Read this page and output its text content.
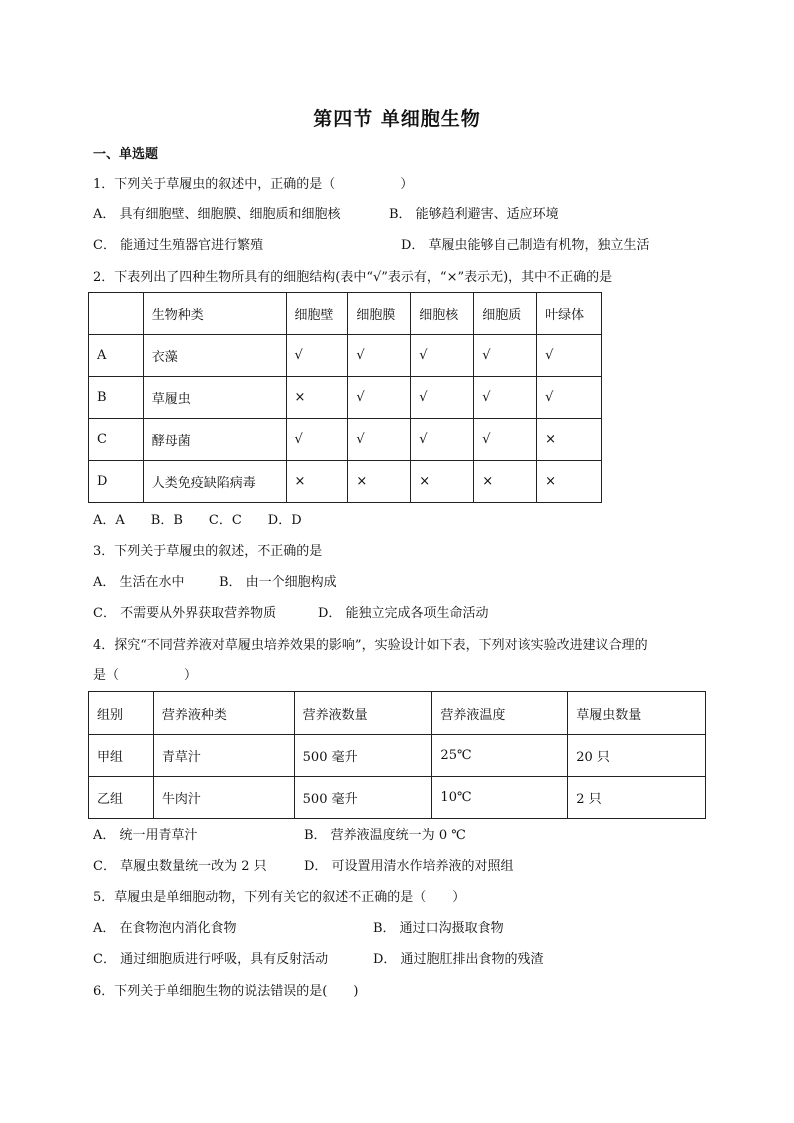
第四节 单细胞生物
一、单选题
1．下列关于草履虫的叙述中，正确的是（　　　　　）
A． 具有细胞壁、细胞膜、细胞质和细胞核	B． 能够趋利避害、适应环境
C． 能通过生殖器官进行繁殖	D． 草履虫能够自己制造有机物，独立生活
2．下表列出了四种生物所具有的细胞结构(表中“√”表示有，“×”表示无)，其中不正确的是
	生物种类	细胞壁	细胞膜	细胞核	细胞质	叶绿体
A	衣藻	√	√	√	√	√
B	草履虫	×	√	√	√	√
C	酵母菌	√	√	√	√	×
D	人类免疫缺陷病毒	×	×	×	×	×
A．A　　B．B　　C．C　　D．D
3．下列关于草履虫的叙述，不正确的是
A． 生活在水中	B． 由一个细胞构成
C． 不需要从外界获取营养物质	D． 能独立完成各项生命活动
4．探究“不同营养液对草履虫培养效果的影响”，实验设计如下表，下列对该实验改进建议合理的
是（　　　　　）
组别	营养液种类	营养液数量	营养液温度	草履虫数量
甲组	青草汁	500 毫升	25℃	20 只
乙组	牛肉汁	500 毫升	10℃	2 只
A． 统一用青草汁	B． 营养液温度统一为 0 ℃
C． 草履虫数量统一改为 2 只	D． 可设置用清水作培养液的对照组
5．草履虫是单细胞动物，下列有关它的叙述不正确的是（　　）
A． 在食物泡内消化食物	B． 通过口沟摄取食物
C． 通过细胞质进行呼吸，具有反射活动	D． 通过胞肛排出食物的残渣
6．下列关于单细胞生物的说法错误的是(　　)
